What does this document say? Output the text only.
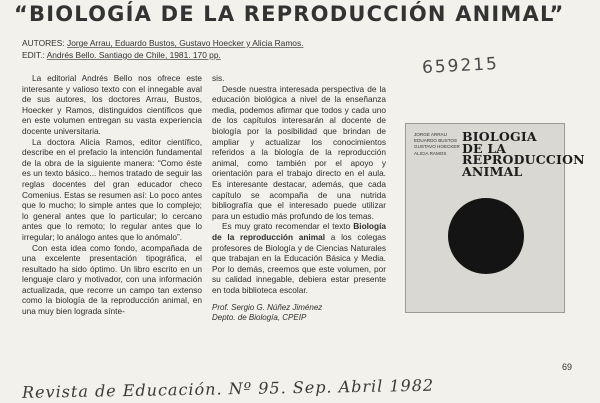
“BIOLOGÍA DE LA REPRODUCCIÓN ANIMAL”
AUTORES: Jorge Arrau, Eduardo Bustos, Gustavo Hoecker y Alicia Ramos.
EDIT.: Andrés Bello. Santiago de Chile, 1981. 170 pp.

La editorial Andrés Bello nos ofrece este interesante y valioso texto con el innegable aval de sus autores, los doctores Arrau, Bustos, Hoecker y Ramos, distinguidos científicos que en este volumen entregan su vasta experiencia docente universitaria.

La doctora Alicia Ramos, editor científico, describe en el prefacio la intención fundamental de la obra de la siguiente manera: “Como éste es un texto básico... hemos tratado de seguir las reglas docentes del gran educador checo Comenius. Estas se resumen así: Lo poco antes que lo mucho; lo simple antes que lo complejo; lo general antes que lo particular; lo cercano antes que lo remoto; lo regular antes que lo irregular; lo análogo antes que lo anómalo”.

Con esta idea como fondo, acompañada de una excelente presentación tipográfica, el resultado ha sido óptimo. Un libro escrito en un lenguaje claro y motivador, con una información actualizada, que recorre un campo tan extenso como la biología de la reproducción animal, en una muy bien lograda sínte-

sis.

Desde nuestra interesada perspectiva de la educación biológica a nivel de la enseñanza media, podemos afirmar que todos y cada uno de los capítulos interesarán al docente de biología por la posibilidad que brindan de ampliar y actualizar los conocimientos referidos a la biología de la reproducción animal, como también por el apoyo y orientación para el trabajo directo en el aula. Es interesante destacar, además, que cada capítulo se acompaña de una nutrida bibliografía que el interesado puede utilizar para un estudio más profundo de los temas.

Es muy grato recomendar el texto Biología de la reproducción animal a los colegas profesores de Biología y de Ciencias Naturales que trabajan en la Educación Básica y Media. Por lo demás, creemos que este volumen, por su calidad innegable, debiera estar presente en toda biblioteca escolar.

Prof. Sergio G. Núñez Jiménez
Depto. de Biología, CPEIP
659215
JORGE ARRAU
EDUARDO BUSTOS
GUSTAVO HOECKER
ALICIA RAMOS
BIOLOGIA
DE LA
REPRODUCCION
ANIMAL
69
Revista de Educación. Nº 95. Sep. Abril 1982
